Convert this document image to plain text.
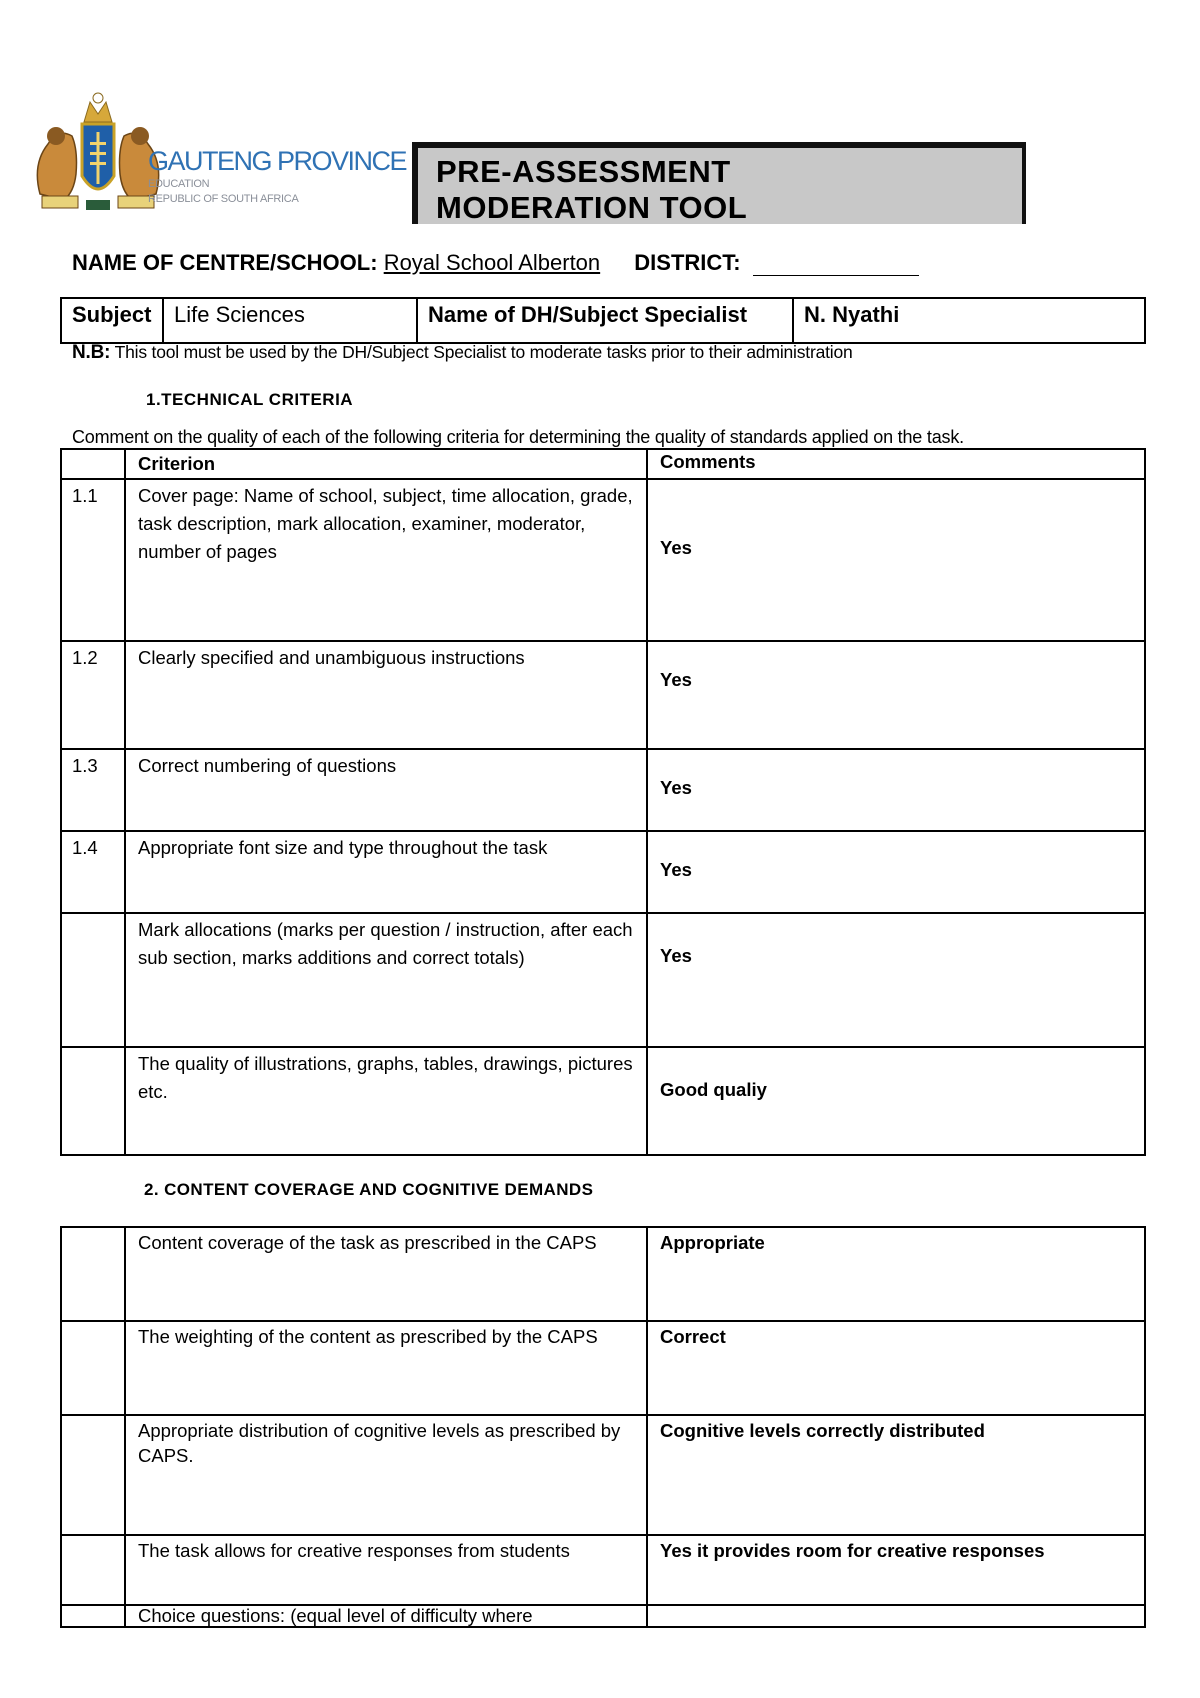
GAUTENG PROVINCE
EDUCATION
REPUBLIC OF SOUTH AFRICA
PRE-ASSESSMENT
MODERATION TOOL
NAME OF CENTRE/SCHOOL: Royal School Alberton DISTRICT:
Subject	Life Sciences	Name of DH/Subject Specialist	N. Nyathi
N.B: This tool must be used by the DH/Subject Specialist to moderate tasks prior to their administration
1.TECHNICAL CRITERIA
Comment on the quality of each of the following criteria for determining the quality of standards applied on the task.
	Criterion	Comments
1.1	Cover page: Name of school, subject, time allocation, grade, task description, mark allocation, examiner, moderator, number of pages	Yes
1.2	Clearly specified and unambiguous instructions	Yes
1.3	Correct numbering of questions	Yes
1.4	Appropriate font size and type throughout the task	Yes
	Mark allocations (marks per question / instruction, after each sub section, marks additions and correct totals)	Yes
	The quality of illustrations, graphs, tables, drawings, pictures etc.	Good qualiy
2. CONTENT COVERAGE AND COGNITIVE DEMANDS
	Content coverage of the task as prescribed in the CAPS	Appropriate
	The weighting of the content as prescribed by the CAPS	Correct
	Appropriate distribution of cognitive levels as prescribed by CAPS.	Cognitive levels correctly distributed
	The task allows for creative responses from students	Yes it provides room for creative responses
	Choice questions: (equal level of difficulty where	
